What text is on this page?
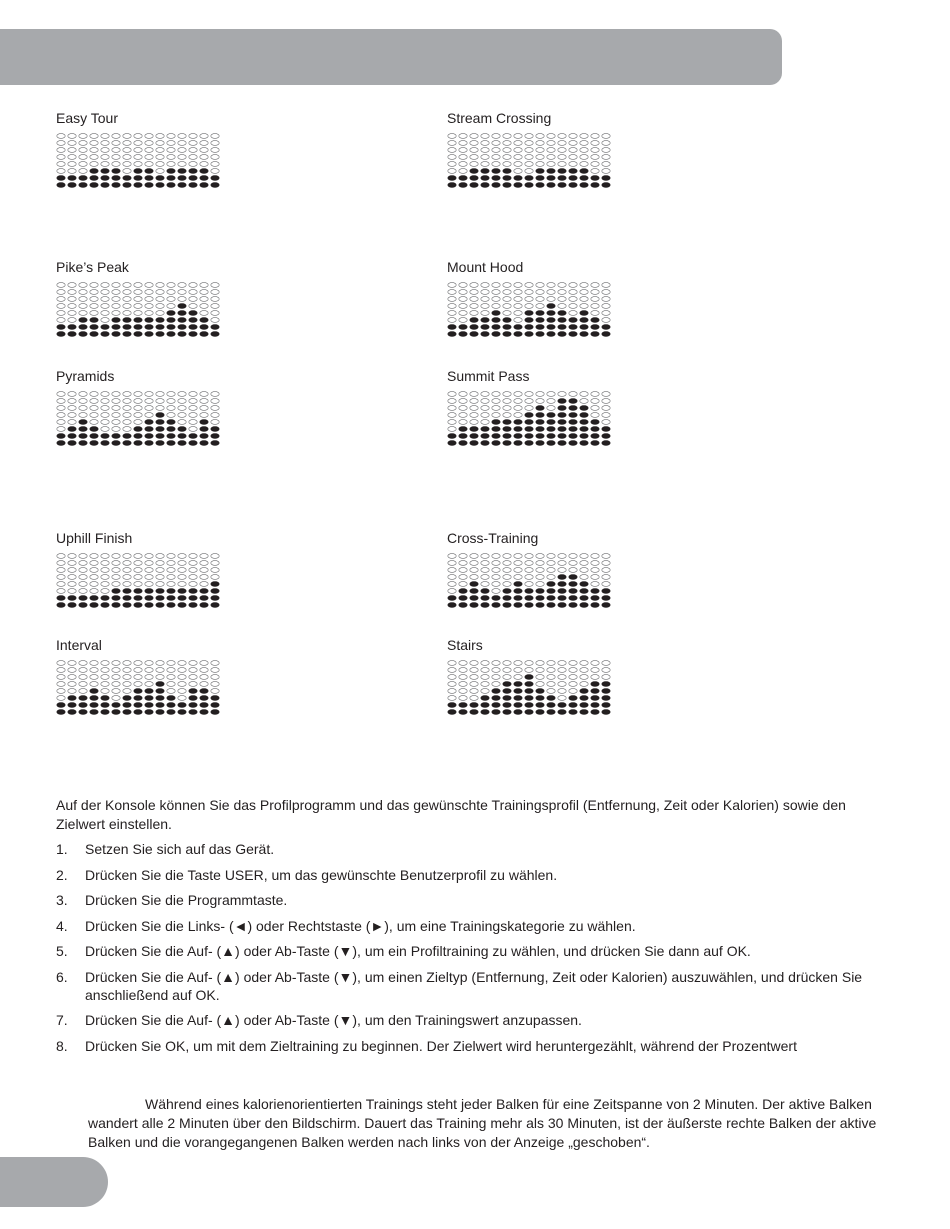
Easy Tour	Stream Crossing
Pike’s Peak	Mount Hood
Pyramids	Summit Pass
Uphill Finish	Cross-Training
Interval	Stairs
Auf der Konsole können Sie das Profilprogramm und das gewünschte Trainingsprofil (Entfernung, Zeit oder Kalorien) sowie den Zielwert einstellen.
1. Setzen Sie sich auf das Gerät.
2. Drücken Sie die Taste USER, um das gewünschte Benutzerprofil zu wählen.
3. Drücken Sie die Programmtaste.
4. Drücken Sie die Links- (◄) oder Rechtstaste (►), um eine Trainingskategorie zu wählen.
5. Drücken Sie die Auf- (▲) oder Ab-Taste (▼), um ein Profiltraining zu wählen, und drücken Sie dann auf OK.
6. Drücken Sie die Auf- (▲) oder Ab-Taste (▼), um einen Zieltyp (Entfernung, Zeit oder Kalorien) auszuwählen, und drücken Sie anschließend auf OK.
7. Drücken Sie die Auf- (▲) oder Ab-Taste (▼), um den Trainingswert anzupassen.
8. Drücken Sie OK, um mit dem Zieltraining zu beginnen. Der Zielwert wird heruntergezählt, während der Prozentwert
Während eines kalorienorientierten Trainings steht jeder Balken für eine Zeitspanne von 2 Minuten. Der aktive Balken wandert alle 2 Minuten über den Bildschirm. Dauert das Training mehr als 30 Minuten, ist der äußerste rechte Balken der aktive Balken und die vorangegangenen Balken werden nach links von der Anzeige „geschoben“.
